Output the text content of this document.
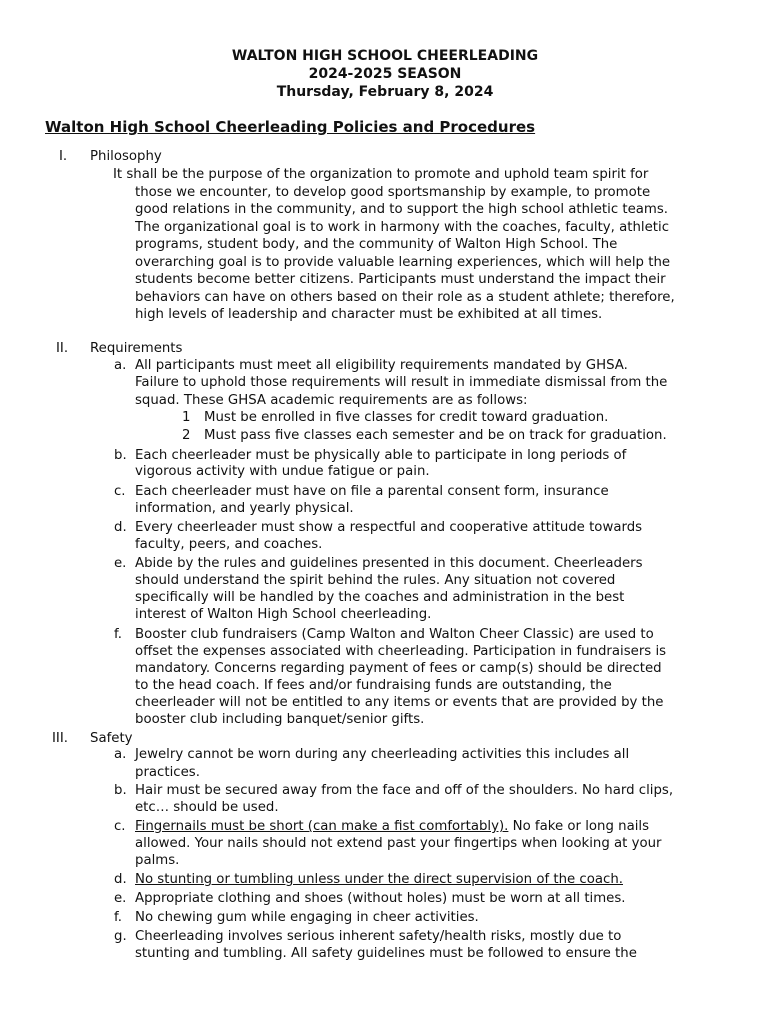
WALTON HIGH SCHOOL CHEERLEADING
2024-2025 SEASON
Thursday, February 8, 2024
Walton High School Cheerleading Policies and Procedures
I. Philosophy
It shall be the purpose of the organization to promote and uphold team spirit for
those we encounter, to develop good sportsmanship by example, to promote
good relations in the community, and to support the high school athletic teams.
The organizational goal is to work in harmony with the coaches, faculty, athletic
programs, student body, and the community of Walton High School. The
overarching goal is to provide valuable learning experiences, which will help the
students become better citizens. Participants must understand the impact their
behaviors can have on others based on their role as a student athlete; therefore,
high levels of leadership and character must be exhibited at all times.
II. Requirements
a. All participants must meet all eligibility requirements mandated by GHSA.
Failure to uphold those requirements will result in immediate dismissal from the
squad. These GHSA academic requirements are as follows:
1 Must be enrolled in five classes for credit toward graduation.
2 Must pass five classes each semester and be on track for graduation.
b. Each cheerleader must be physically able to participate in long periods of
vigorous activity with undue fatigue or pain.
c. Each cheerleader must have on file a parental consent form, insurance
information, and yearly physical.
d. Every cheerleader must show a respectful and cooperative attitude towards
faculty, peers, and coaches.
e. Abide by the rules and guidelines presented in this document. Cheerleaders
should understand the spirit behind the rules. Any situation not covered
specifically will be handled by the coaches and administration in the best
interest of Walton High School cheerleading.
f. Booster club fundraisers (Camp Walton and Walton Cheer Classic) are used to
offset the expenses associated with cheerleading. Participation in fundraisers is
mandatory. Concerns regarding payment of fees or camp(s) should be directed
to the head coach. If fees and/or fundraising funds are outstanding, the
cheerleader will not be entitled to any items or events that are provided by the
booster club including banquet/senior gifts.
III. Safety
a. Jewelry cannot be worn during any cheerleading activities this includes all
practices.
b. Hair must be secured away from the face and off of the shoulders. No hard clips,
etc… should be used.
c. Fingernails must be short (can make a fist comfortably). No fake or long nails
allowed. Your nails should not extend past your fingertips when looking at your
palms.
d. No stunting or tumbling unless under the direct supervision of the coach.
e. Appropriate clothing and shoes (without holes) must be worn at all times.
f. No chewing gum while engaging in cheer activities.
g. Cheerleading involves serious inherent safety/health risks, mostly due to
stunting and tumbling. All safety guidelines must be followed to ensure the
